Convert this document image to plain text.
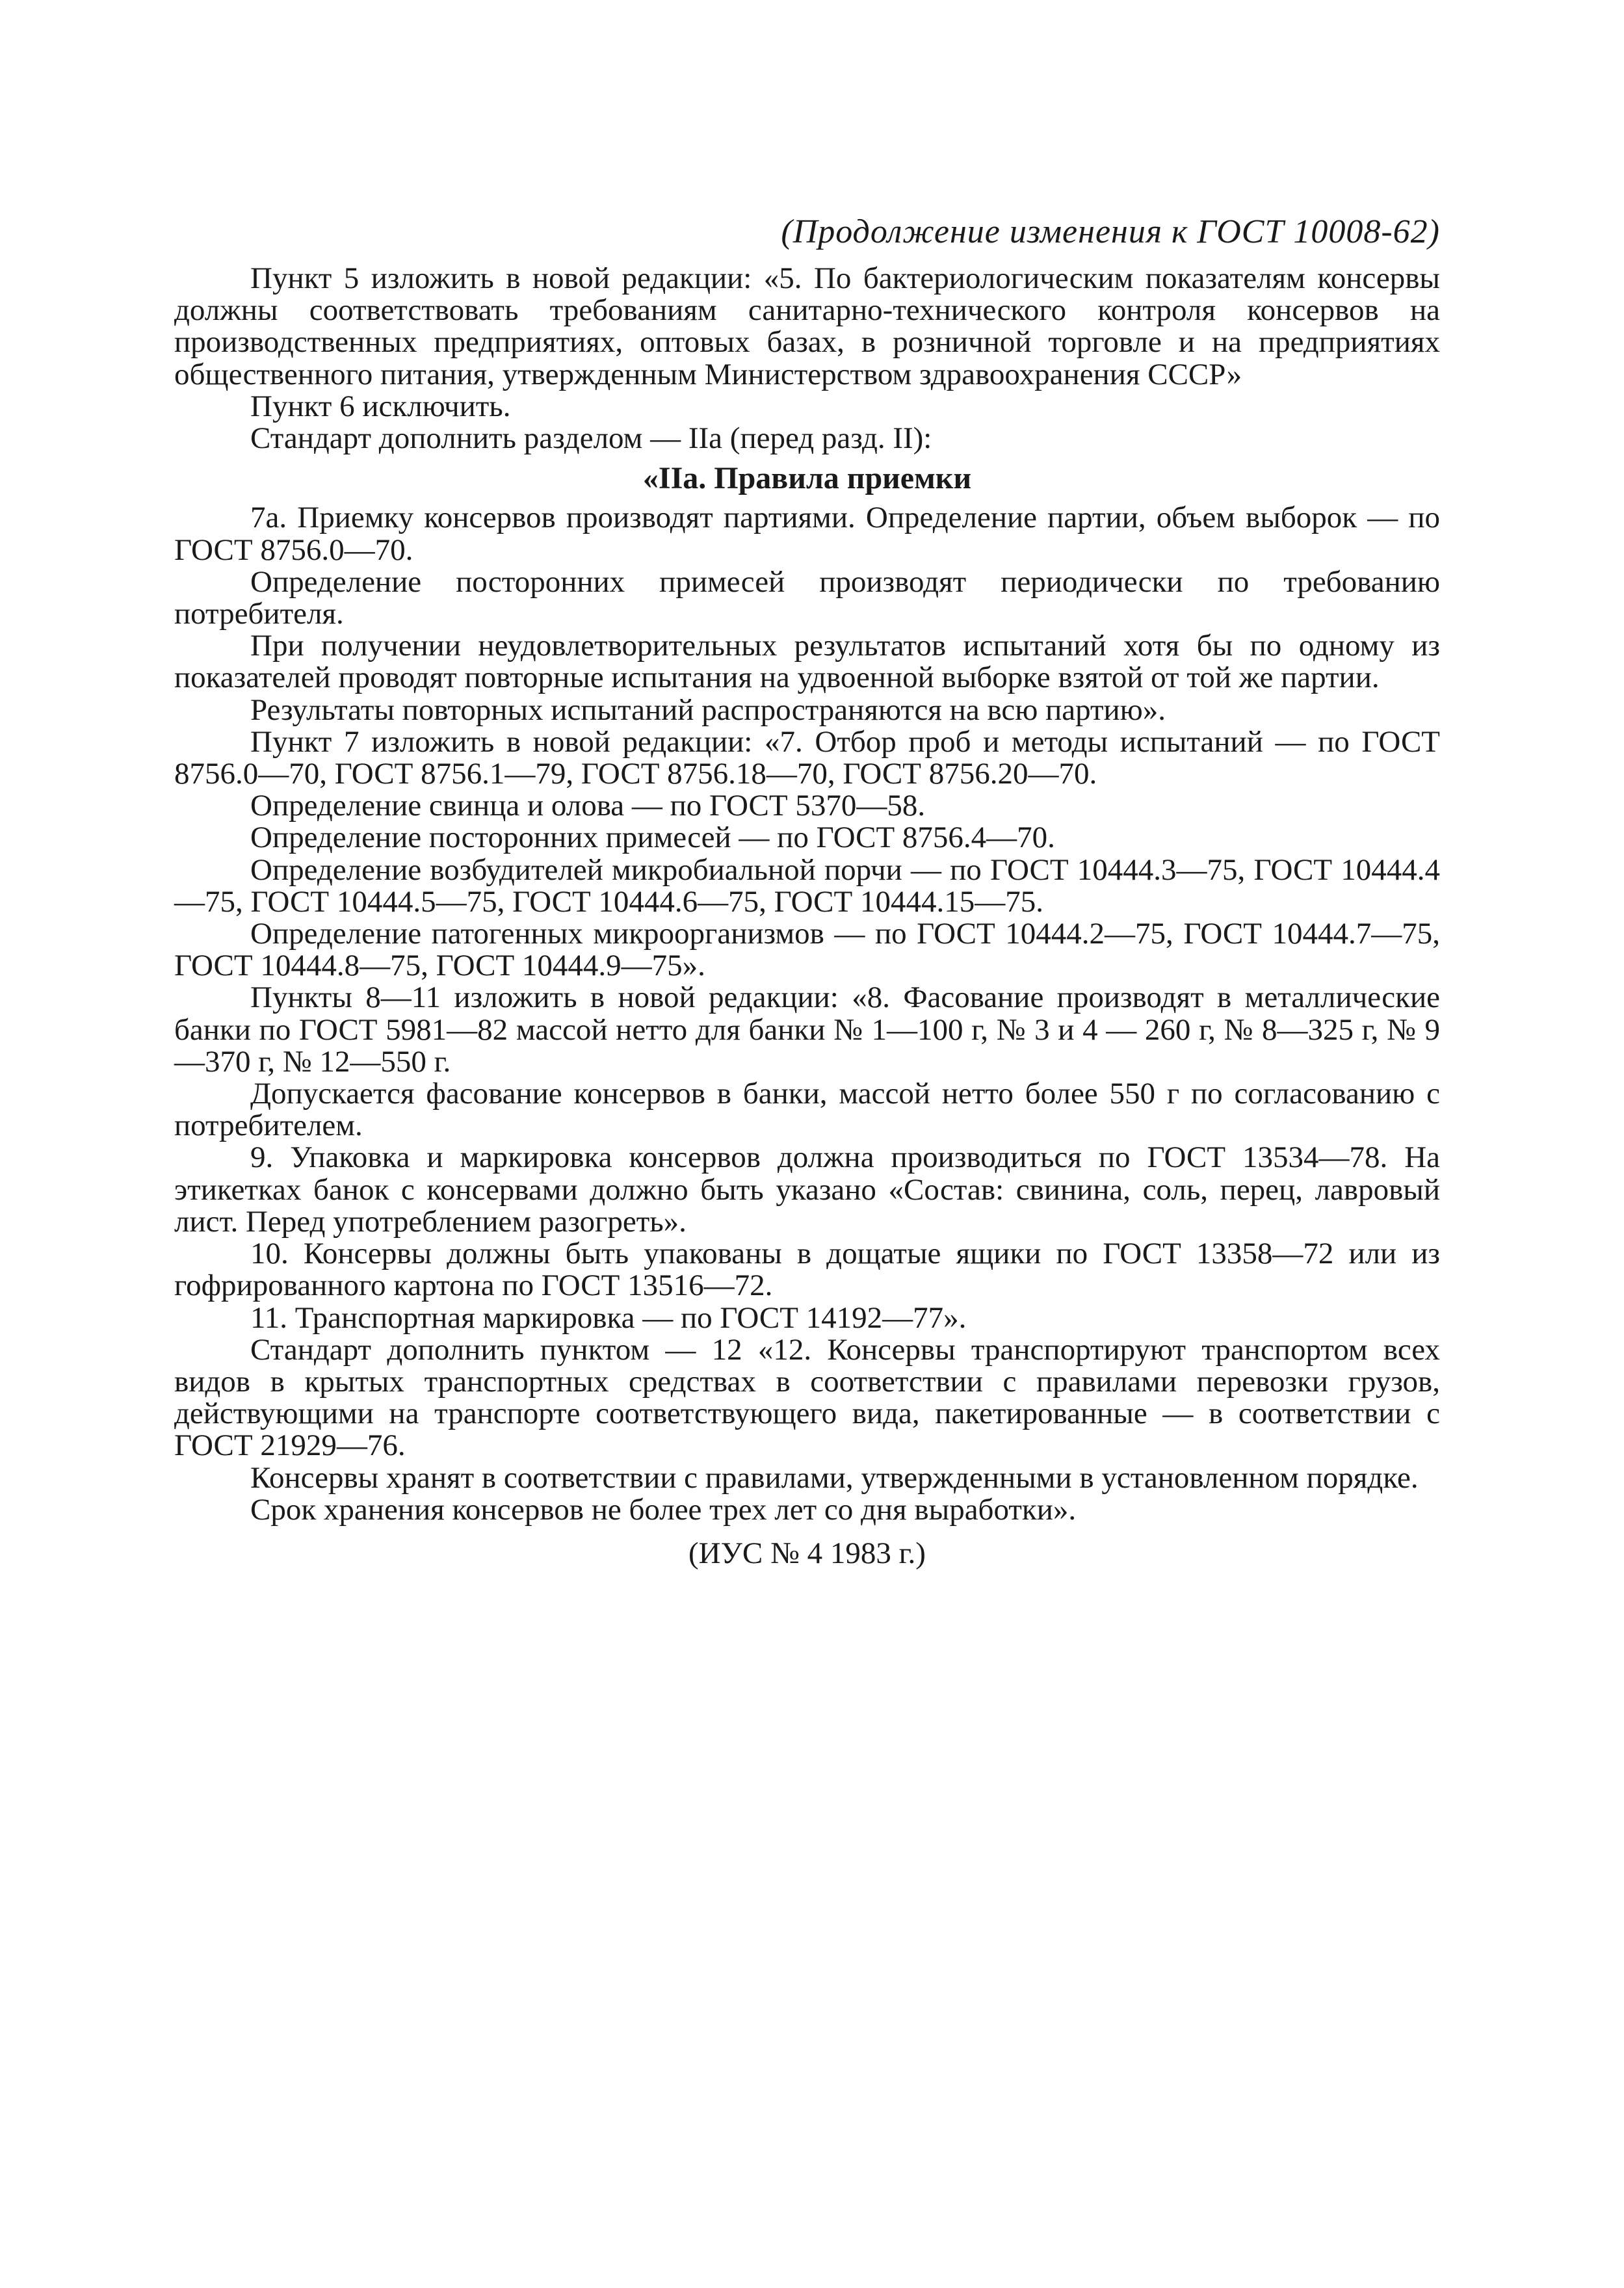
(Продолжение изменения к ГОСТ 10008-62)

Пункт 5 изложить в новой редакции: «5. По бактериологическим показателям консервы должны соответствовать требованиям санитарно-технического контроля консервов на производственных предприятиях, оптовых базах, в розничной торговле и на предприятиях общественного питания, утвержденным Министерством здравоохранения СССР»

Пункт 6 исключить.

Стандарт дополнить разделом — IIa (перед разд. II):

«IIa. Правила приемки

7а. Приемку консервов производят партиями. Определение партии, объем выборок — по ГОСТ 8756.0—70.

Определение посторонних примесей производят периодически по требованию потребителя.

При получении неудовлетворительных результатов испытаний хотя бы по одному из показателей проводят повторные испытания на удвоенной выборке взятой от той же партии.

Результаты повторных испытаний распространяются на всю партию».

Пункт 7 изложить в новой редакции: «7. Отбор проб и методы испытаний — по ГОСТ 8756.0—70, ГОСТ 8756.1—79, ГОСТ 8756.18—70, ГОСТ 8756.20—70.

Определение свинца и олова — по ГОСТ 5370—58.

Определение посторонних примесей — по ГОСТ 8756.4—70.

Определение возбудителей микробиальной порчи — по ГОСТ 10444.3—75, ГОСТ 10444.4—75, ГОСТ 10444.5—75, ГОСТ 10444.6—75, ГОСТ 10444.15—75.

Определение патогенных микроорганизмов — по ГОСТ 10444.2—75, ГОСТ 10444.7—75, ГОСТ 10444.8—75, ГОСТ 10444.9—75».

Пункты 8—11 изложить в новой редакции: «8. Фасование производят в металлические банки по ГОСТ 5981—82 массой нетто для банки № 1—100 г, № 3 и 4 — 260 г, № 8—325 г, № 9—370 г, № 12—550 г.

Допускается фасование консервов в банки, массой нетто более 550 г по согласованию с потребителем.

9. Упаковка и маркировка консервов должна производиться по ГОСТ 13534—78. На этикетках банок с консервами должно быть указано «Состав: свинина, соль, перец, лавровый лист. Перед употреблением разогреть».

10. Консервы должны быть упакованы в дощатые ящики по ГОСТ 13358—72 или из гофрированного картона по ГОСТ 13516—72.

11. Транспортная маркировка — по ГОСТ 14192—77».

Стандарт дополнить пунктом — 12 «12. Консервы транспортируют транспортом всех видов в крытых транспортных средствах в соответствии с правилами перевозки грузов, действующими на транспорте соответствующего вида, пакетированные — в соответствии с ГОСТ 21929—76.

Консервы хранят в соответствии с правилами, утвержденными в установленном порядке.

Срок хранения консервов не более трех лет со дня выработки».

(ИУС № 4 1983 г.)
